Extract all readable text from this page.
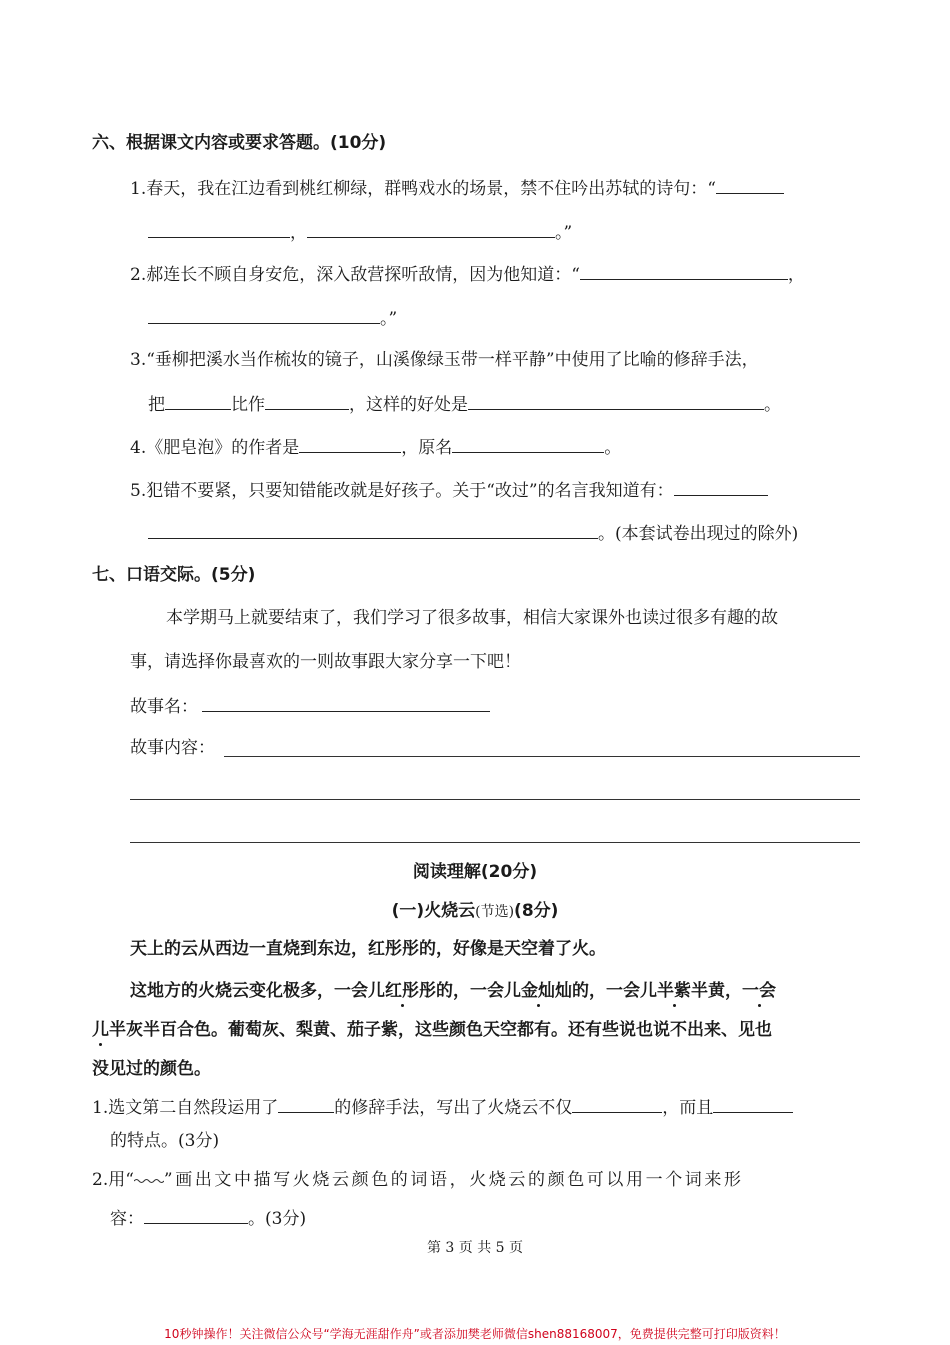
六、根据课文内容或要求答题。(10分)
1.春天，我在江边看到桃红柳绿，群鸭戏水的场景，禁不住吟出苏轼的诗句：“
，	。”
2.郝连长不顾自身安危，深入敌营探听敌情，因为他知道：“	，
。”
3.“垂柳把溪水当作梳妆的镜子，山溪像绿玉带一样平静”中使用了比喻的修辞手法，
把	比作	，这样的好处是	。
4.《肥皂泡》的作者是	，原名	。
5.犯错不要紧，只要知错能改就是好孩子。关于“改过”的名言我知道有：
。(本套试卷出现过的除外)
七、口语交际。(5分)
本学期马上就要结束了，我们学习了很多故事，相信大家课外也读过很多有趣的故
事，请选择你最喜欢的一则故事跟大家分享一下吧！
故事名：
故事内容：
阅读理解(20分)
(一)火烧云(节选)(8分)
天上的云从西边一直烧到东边，红彤彤的，好像是天空着了火。
这地方的火烧云变化极多，一会儿红彤彤的，一会儿金灿灿的，一会儿半紫半黄，一会
儿半灰半百合色。葡萄灰、梨黄、茄子紫，这些颜色天空都有。还有些说也说不出来、见也
没见过的颜色。
1.选文第二自然段运用了	的修辞手法，写出了火烧云不仅	，而且
的特点。(3分)
2.用“ ”画出文中描写火烧云颜色的词语，火烧云的颜色可以用一个词来形
容：	。(3分)
第 3 页 共 5 页
10秒钟操作！关注微信公众号“学海无涯甜作舟”或者添加樊老师微信shen88168007，免费提供完整可打印版资料！
